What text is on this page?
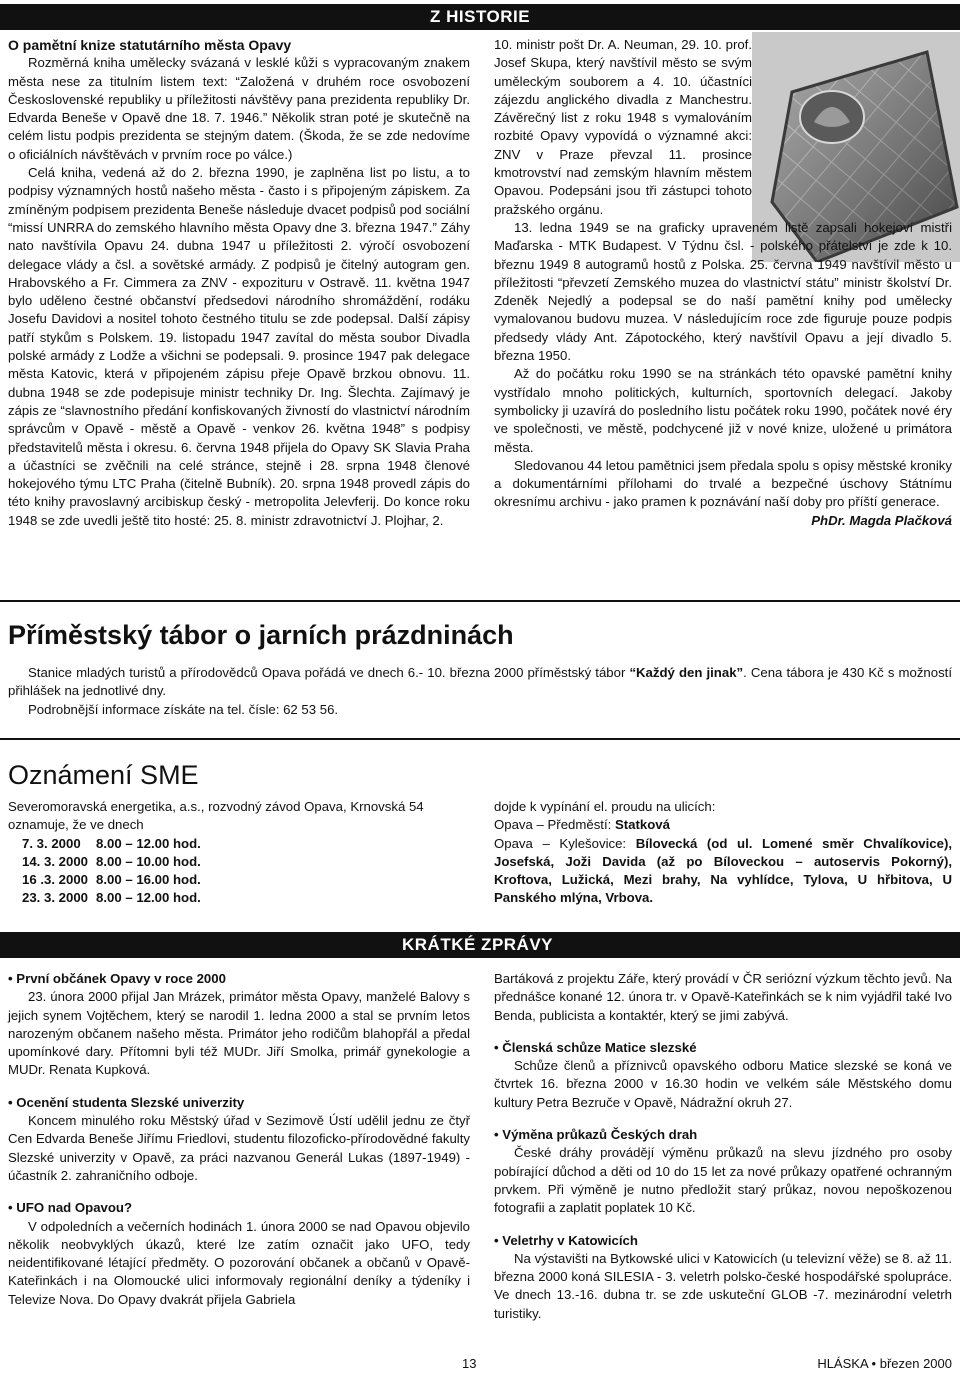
Z HISTORIE

O pamětní knize statutárního města Opavy

Rozměrná kniha umělecky svázaná v lesklé kůži s vypracovaným znakem města nese za titulním listem text: “Založená v druhém roce osvobození Československé republiky u příležitosti návštěvy pana prezidenta republiky Dr. Edvarda Beneše v Opavě dne 18. 7. 1946.” Několik stran poté je skutečně na celém listu podpis prezidenta se stejným datem. (Škoda, že se zde nedovíme o oficiálních návštěvách v prvním roce po válce.)

Celá kniha, vedená až do 2. března 1990, je zaplněna list po listu, a to podpisy významných hostů našeho města - často i s připojeným zápiskem. Za zmíněným podpisem prezidenta Beneše následuje dvacet podpisů pod sociální “missí UNRRA do zemského hlavního města Opavy dne 3. března 1947.” Záhy nato navštívila Opavu 24. dubna 1947 u příležitosti 2. výročí osvobození delegace vlády a čsl. a sovětské armády. Z podpisů je čitelný autogram gen. Hrabovského a Fr. Cimmera za ZNV - expozituru v Ostravě. 11. května 1947 bylo uděleno čestné občanství předsedovi národního shromáždění, rodáku Josefu Davidovi a nositel tohoto čestného titulu se zde podepsal. Další zápisy patří stykům s Polskem. 19. listopadu 1947 zavítal do města soubor Divadla polské armády z Lodže a všichni se podepsali. 9. prosince 1947 pak delegace města Katovic, která v připojeném zápisu přeje Opavě brzkou obnovu. 11. dubna 1948 se zde podepisuje ministr techniky Dr. Ing. Šlechta. Zajímavý je zápis ze “slavnostního předání konfiskovaných živností do vlastnictví národním správcům v Opavě - městě a Opavě - venkov 26. května 1948” s podpisy představitelů města i okresu. 6. června 1948 přijela do Opavy SK Slavia Praha a účastníci se zvěčnili na celé stránce, stejně i 28. srpna 1948 členové hokejového týmu LTC Praha (čitelně Bubník). 20. srpna 1948 provedl zápis do této knihy pravoslavný arcibiskup český - metropolita Jelevferij. Do konce roku 1948 se zde uvedli ještě tito hosté: 25. 8. ministr zdravotnictví J. Plojhar, 2.

10. ministr pošt Dr. A. Neuman, 29. 10. prof. Josef Skupa, který navštívil město se svým uměleckým souborem a 4. 10. účastníci zájezdu anglického divadla z Manchestru. Závěrečný list z roku 1948 s vymalováním rozbité Opavy vypovídá o významné akci: ZNV v Praze převzal 11. prosince kmotrovství nad zemským hlavním městem Opavou. Podepsáni jsou tři zástupci tohoto pražského orgánu.

13. ledna 1949 se na graficky upraveném listě zapsali hokejoví mistři Maďarska - MTK Budapest. V Týdnu čsl. - polského přátelství je zde k 10. březnu 1949 8 autogramů hostů z Polska. 25. června 1949 navštívil město u příležitosti “převzetí Zemského muzea do vlastnictví státu” ministr školství Dr. Zdeněk Nejedlý a podepsal se do naší pamětní knihy pod umělecky vymalovanou budovu muzea. V následujícím roce zde figuruje pouze podpis předsedy vlády Ant. Zápotockého, který navštívil Opavu a její divadlo 5. března 1950.

Až do počátku roku 1990 se na stránkách této opavské pamětní knihy vystřídalo mnoho politických, kulturních, sportovních delegací. Jakoby symbolicky ji uzavírá do posledního listu počátek roku 1990, počátek nové éry ve společnosti, ve městě, podchycené již v nové knize, uložené u primátora města.

Sledovanou 44 letou pamětnici jsem předala spolu s opisy městské kroniky a dokumentárními přílohami do trvalé a bezpečné úschovy Státnímu okresnímu archivu - jako pramen k poznávání naší doby pro příští generace.

PhDr. Magda Plačková

Příměstský tábor o jarních prázdninách

Stanice mladých turistů a přírodovědců Opava pořádá ve dnech 6.- 10. března 2000 příměstský tábor “Každý den jinak”. Cena tábora je 430 Kč s možností přihlášek na jednotlivé dny.

Podrobnější informace získáte na tel. čísle: 62 53 56.

Oznámení SME

Severomoravská energetika, a.s., rozvodný závod Opava, Krnovská 54 oznamuje, že ve dnech

7. 3. 2000	8.00 – 12.00 hod.
14. 3. 2000 8.00 – 10.00 hod.
16 .3. 2000 8.00 – 16.00 hod.
23. 3. 2000 8.00 – 12.00 hod.

dojde k vypínání el. proudu na ulicích:

Opava – Předměstí: Statková

Opava – Kylešovice: Bílovecká (od ul. Lomené směr Chvalíkovice), Josefská, Joži Davida (až po Bíloveckou – autoservis Pokorný), Kroftova, Lužická, Mezi brahy, Na vyhlídce, Tylova, U hřbitova, U Panského mlýna, Vrbova.

KRÁTKÉ ZPRÁVY

• První občánek Opavy v roce 2000

23. února 2000 přijal Jan Mrázek, primátor města Opavy, manželé Balovy s jejich synem Vojtěchem, který se narodil 1. ledna 2000 a stal se prvním letos narozeným občanem našeho města. Primátor jeho rodičům blahopřál a předal upomínkové dary. Přítomni byli též MUDr. Jiří Smolka, primář gynekologie a MUDr. Renata Kupková.

• Ocenění studenta Slezské univerzity

Koncem minulého roku Městský úřad v Sezimově Ústí udělil jednu ze čtyř Cen Edvarda Beneše Jiřímu Friedlovi, studentu filozoficko-přírodovědné fakulty Slezské univerzity v Opavě, za práci nazvanou Generál Lukas (1897-1949) - účastník 2. zahraničního odboje.

• UFO nad Opavou?

V odpoledních a večerních hodinách 1. února 2000 se nad Opavou objevilo několik neobvyklých úkazů, které lze zatím označit jako UFO, tedy neidentifikované létající předměty. O pozorování občanek a občanů v Opavě-Kateřinkách i na Olomoucké ulici informovaly regionální deníky a týdeníky i Televize Nova. Do Opavy dvakrát přijela Gabriela

Bartáková z projektu Záře, který provádí v ČR seriózní výzkum těchto jevů. Na přednášce konané 12. února tr. v Opavě-Kateřinkách se k nim vyjádřil také Ivo Benda, publicista a kontaktér, který se jimi zabývá.

• Členská schůze Matice slezské

Schůze členů a příznivců opavského odboru Matice slezské se koná ve čtvrtek 16. března 2000 v 16.30 hodin ve velkém sále Městského domu kultury Petra Bezruče v Opavě, Nádražní okruh 27.

• Výměna průkazů Českých drah

České dráhy provádějí výměnu průkazů na slevu jízdného pro osoby pobírající důchod a děti od 10 do 15 let za nové průkazy opatřené ochranným prvkem. Při výměně je nutno předložit starý průkaz, novou nepoškozenou fotografii a zaplatit poplatek 10 Kč.

• Veletrhy v Katowicích

Na výstavišti na Bytkowské ulici v Katowicích (u televizní věže) se 8. až 11. března 2000 koná SILESIA - 3. veletrh polsko-české hospodářské spolupráce. Ve dnech 13.-16. dubna tr. se zde uskuteční GLOB -7. mezinárodní veletrh turistiky.

13	HLÁSKA • březen 2000
